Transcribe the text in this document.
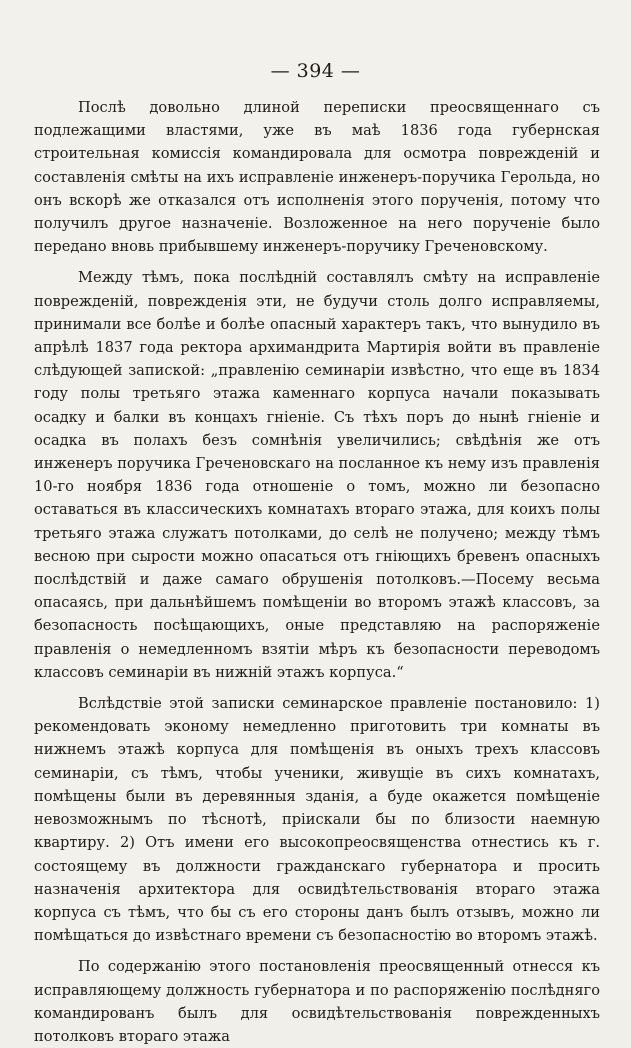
— 394 —

Послѣ довольно длиной переписки преосвященнаго съ подлежащими властями, уже въ маѣ 1836 года губернская строительная комиссія командировала для осмотра поврежденій и составленія смѣты на ихъ исправленіе инженеръ-поручика Герольда, но онъ вскорѣ же отказался отъ исполненія этого порученія, потому что получилъ другое назначеніе. Возложенное на него порученіе было передано вновь прибывшему инженеръ-поручику Греченовскому.

Между тѣмъ, пока послѣдній составлялъ смѣту на исправленіе поврежденій, поврежденія эти, не будучи столь долго исправляемы, принимали все болѣе и болѣе опасный характеръ такъ, что вынудило въ апрѣлѣ 1837 года ректора архимандрита Мартирія войти въ правленіе слѣдующей запиской: „правленію семинаріи извѣстно, что еще въ 1834 году полы третьяго этажа каменнаго корпуса начали показывать осадку и балки въ концахъ гніеніе. Съ тѣхъ поръ до нынѣ гніеніе и осадка въ полахъ безъ сомнѣнія увеличились; свѣдѣнія же отъ инженеръ поручика Греченовскаго на посланное къ нему изъ правленія 10-го ноября 1836 года отношеніе о томъ, можно ли безопасно оставаться въ классическихъ комнатахъ втораго этажа, для коихъ полы третьяго этажа служатъ потолками, до селѣ не получено; между тѣмъ весною при сырости можно опасаться отъ гніющихъ бревенъ опасныхъ послѣдствій и даже самаго обрушенія потолковъ.—Посему весьма опасаясь, при дальнѣйшемъ помѣщеніи во второмъ этажѣ классовъ, за безопасность посѣщающихъ, оные представляю на распоряженіе правленія о немедленномъ взятіи мѣръ къ безопасности переводомъ классовъ семинаріи въ нижній этажъ корпуса.“

Вслѣдствіе этой записки семинарское правленіе постановило: 1) рекомендовать эконому немедленно приготовить три комнаты въ нижнемъ этажѣ корпуса для помѣщенія въ оныхъ трехъ классовъ семинаріи, съ тѣмъ, чтобы ученики, живущіе въ сихъ комнатахъ, помѣщены были въ деревянныя зданія, а буде окажется помѣщеніе невозможнымъ по тѣснотѣ, пріискали бы по близости наемную квартиру. 2) Отъ имени его высокопреосвященства отнестись къ г. состоящему въ должности гражданскаго губернатора и просить назначенія архитектора для освидѣтельствованія втораго этажа корпуса съ тѣмъ, что бы съ его стороны данъ былъ отзывъ, можно ли помѣщаться до извѣстнаго времени съ безопасностію во второмъ этажѣ.

По содержанію этого постановленія преосвященный отнесся къ исправляющему должность губернатора и по распоряженію послѣдняго командированъ былъ для освидѣтельствованія поврежденныхъ потолковъ втораго этажа
